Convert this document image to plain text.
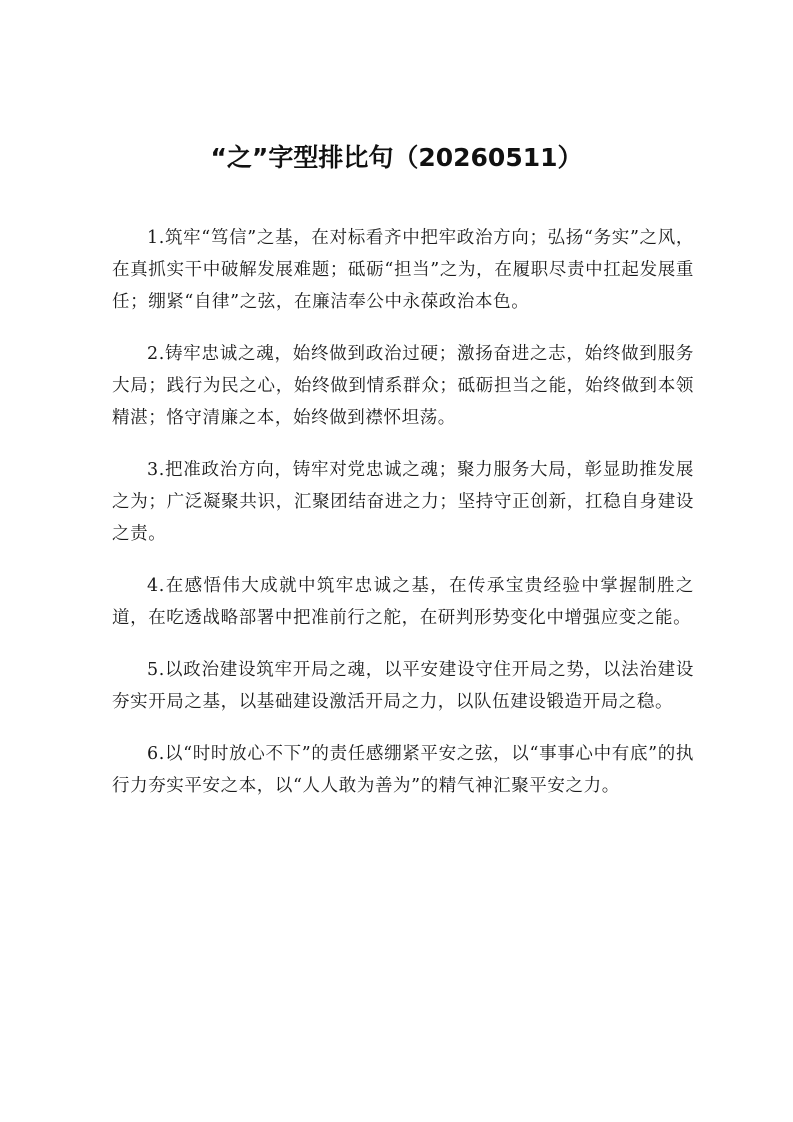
“之”字型排比句（20260511）

1.筑牢“笃信”之基，在对标看齐中把牢政治方向；弘扬“务实”之风，在真抓实干中破解发展难题；砥砺“担当”之为，在履职尽责中扛起发展重任；绷紧“自律”之弦，在廉洁奉公中永葆政治本色。

2.铸牢忠诚之魂，始终做到政治过硬；激扬奋进之志，始终做到服务大局；践行为民之心，始终做到情系群众；砥砺担当之能，始终做到本领精湛；恪守清廉之本，始终做到襟怀坦荡。

3.把准政治方向，铸牢对党忠诚之魂；聚力服务大局，彰显助推发展之为；广泛凝聚共识，汇聚团结奋进之力；坚持守正创新，扛稳自身建设之责。

4.在感悟伟大成就中筑牢忠诚之基，在传承宝贵经验中掌握制胜之道，在吃透战略部署中把准前行之舵，在研判形势变化中增强应变之能。

5.以政治建设筑牢开局之魂，以平安建设守住开局之势，以法治建设夯实开局之基，以基础建设激活开局之力，以队伍建设锻造开局之稳。

6.以“时时放心不下”的责任感绷紧平安之弦，以“事事心中有底”的执行力夯实平安之本，以“人人敢为善为”的精气神汇聚平安之力。
